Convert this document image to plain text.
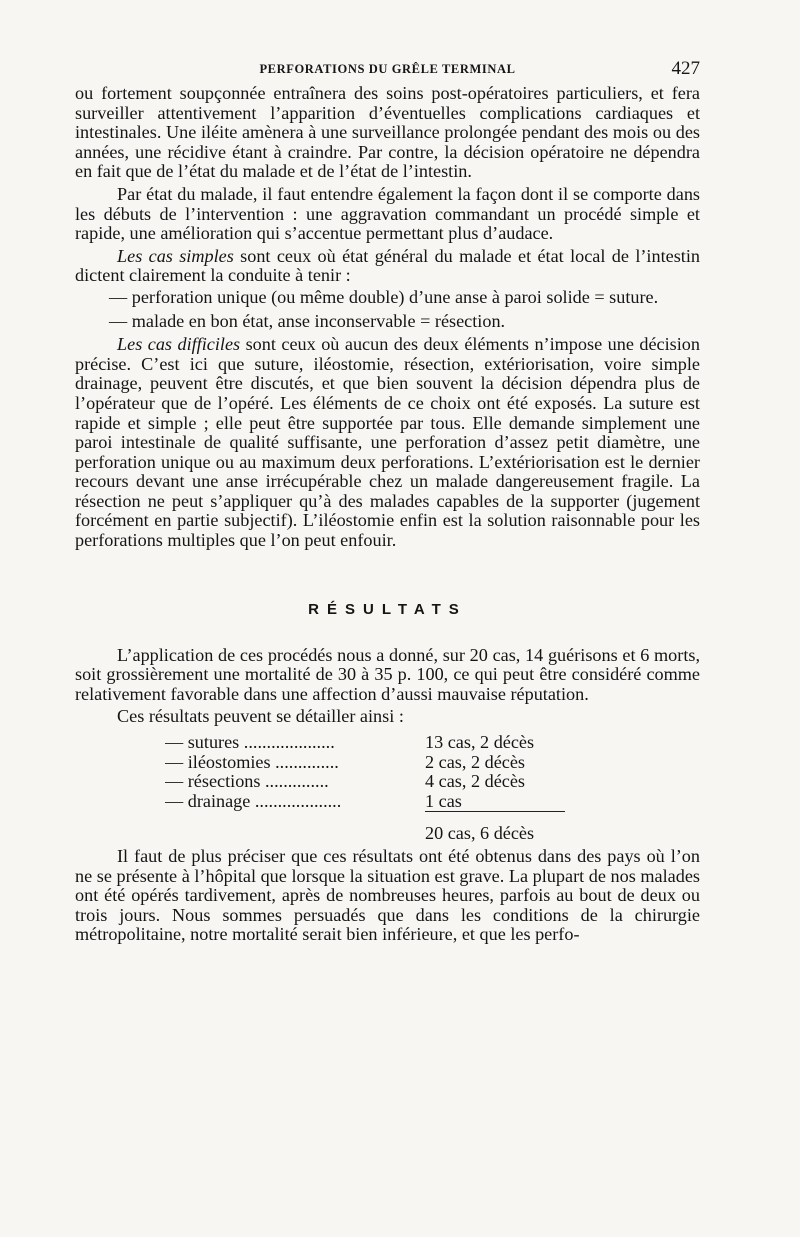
PERFORATIONS DU GRÊLE TERMINAL	427

ou fortement soupçonnée entraînera des soins post-opératoires particuliers, et fera surveiller attentivement l’apparition d’éventuelles complications cardiaques et intestinales. Une iléite amènera à une surveillance prolongée pendant des mois ou des années, une récidive étant à craindre. Par contre, la décision opératoire ne dépendra en fait que de l’état du malade et de l’état de l’intestin.

Par état du malade, il faut entendre également la façon dont il se comporte dans les débuts de l’intervention : une aggravation commandant un procédé simple et rapide, une amélioration qui s’accentue permettant plus d’audace.

Les cas simples sont ceux où état général du malade et état local de l’intestin dictent clairement la conduite à tenir :

— perforation unique (ou même double) d’une anse à paroi solide = suture.
— malade en bon état, anse inconservable = résection.

Les cas difficiles sont ceux où aucun des deux éléments n’impose une décision précise. C’est ici que suture, iléostomie, résection, extériorisation, voire simple drainage, peuvent être discutés, et que bien souvent la décision dépendra plus de l’opérateur que de l’opéré. Les éléments de ce choix ont été exposés. La suture est rapide et simple ; elle peut être supportée par tous. Elle demande simplement une paroi intestinale de qualité suffisante, une perforation d’assez petit diamètre, une perforation unique ou au maximum deux perforations. L’extériorisation est le dernier recours devant une anse irrécupérable chez un malade dangereusement fragile. La résection ne peut s’appliquer qu’à des malades capables de la supporter (jugement forcément en partie subjectif). L’iléostomie enfin est la solution raisonnable pour les perforations multiples que l’on peut enfouir.

RÉSULTATS

L’application de ces procédés nous a donné, sur 20 cas, 14 guérisons et 6 morts, soit grossièrement une mortalité de 30 à 35 p. 100, ce qui peut être considéré comme relativement favorable dans une affection d’aussi mauvaise réputation.

Ces résultats peuvent se détailler ainsi :

— sutures ....................	13 cas, 2 décès
— iléostomies ..............	2 cas, 2 décès
— résections ..............	4 cas, 2 décès
— drainage ...................	1 cas

	20 cas, 6 décès

Il faut de plus préciser que ces résultats ont été obtenus dans des pays où l’on ne se présente à l’hôpital que lorsque la situation est grave. La plupart de nos malades ont été opérés tardivement, après de nombreuses heures, parfois au bout de deux ou trois jours. Nous sommes persuadés que dans les conditions de la chirurgie métropolitaine, notre mortalité serait bien inférieure, et que les perfo-
